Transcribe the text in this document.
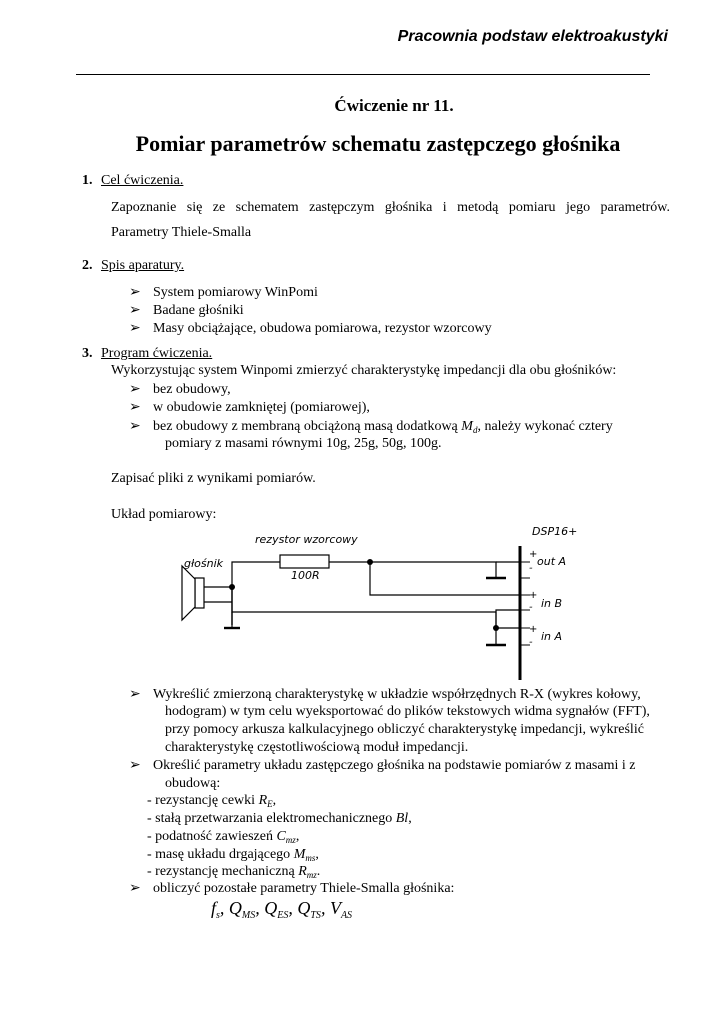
Pracownia podstaw elektroakustyki
Ćwiczenie nr 11.
Pomiar parametrów schematu zastępczego głośnika
1. Cel ćwiczenia.
Zapoznanie się ze schematem zastępczym głośnika i metodą pomiaru jego parametrów.
Parametry Thiele-Smalla
2. Spis aparatury.
➢ System pomiarowy WinPomi
➢ Badane głośniki
➢ Masy obciążające, obudowa pomiarowa, rezystor wzorcowy
3. Program ćwiczenia.
Wykorzystując system Winpomi zmierzyć charakterystykę impedancji dla obu głośników:
➢ bez obudowy,
➢ w obudowie zamkniętej (pomiarowej),
➢ bez obudowy z membraną obciążoną masą dodatkową $M_d$, należy wykonać cztery
pomiary z masami równymi 10g, 25g, 50g, 100g.
Zapisać pliki z wynikami pomiarów.
Układ pomiarowy:
rezystor wzorcowy
100R
głośnik
DSP16+
+
-
out A
+
- in B
+
- in A
➢ Wykreślić zmierzoną charakterystykę w układzie współrzędnych R-X (wykres kołowy,
hodogram) w tym celu wyeksportować do plików tekstowych widma sygnałów (FFT),
przy pomocy arkusza kalkulacyjnego obliczyć charakterystykę impedancji, wykreślić
charakterystykę częstotliwościową moduł impedancji.
➢ Określić parametry układu zastępczego głośnika na podstawie pomiarów z masami i z
obudową:
- rezystancję cewki $R_E$,
- stałą przetwarzania elektromechanicznego Bl,
- podatność zawieszeń $C_{mz}$,
- masę układu drgającego $M_{ms}$,
- rezystancję mechaniczną $R_{mz}$.
➢ obliczyć pozostałe parametry Thiele-Smalla głośnika:
$f_s$, $Q_{MS}$, $Q_{ES}$, $Q_{TS}$, $V_{AS}$
